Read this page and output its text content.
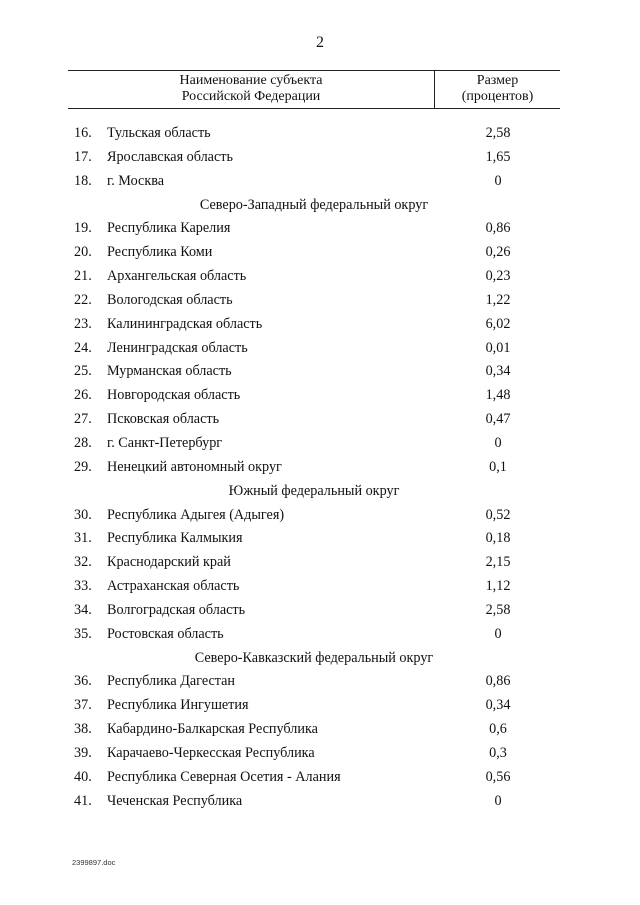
2
Наименование субъекта
Российской Федерации
Размер
(процентов)
16.	Тульская область	2,58
17.	Ярославская область	1,65
18.	г. Москва	0
Северо-Западный федеральный округ
19.	Республика Карелия	0,86
20.	Республика Коми	0,26
21.	Архангельская область	0,23
22.	Вологодская область	1,22
23.	Калининградская область	6,02
24.	Ленинградская область	0,01
25.	Мурманская область	0,34
26.	Новгородская область	1,48
27.	Псковская область	0,47
28.	г. Санкт-Петербург	0
29.	Ненецкий автономный округ	0,1
Южный федеральный округ
30.	Республика Адыгея (Адыгея)	0,52
31.	Республика Калмыкия	0,18
32.	Краснодарский край	2,15
33.	Астраханская область	1,12
34.	Волгоградская область	2,58
35.	Ростовская область	0
Северо-Кавказский федеральный округ
36.	Республика Дагестан	0,86
37.	Республика Ингушетия	0,34
38.	Кабардино-Балкарская Республика	0,6
39.	Карачаево-Черкесская Республика	0,3
40.	Республика Северная Осетия - Алания	0,56
41.	Чеченская Республика	0
2399897.doc
